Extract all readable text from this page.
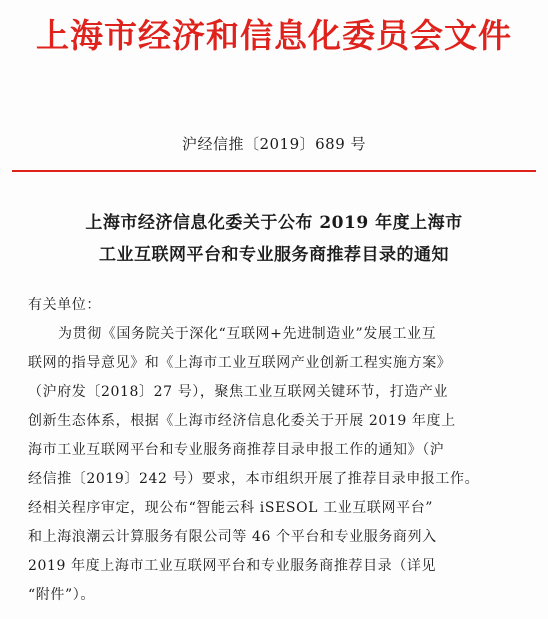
上海市经济和信息化委员会文件
沪经信推〔2019〕689 号
上海市经济信息化委关于公布 2019 年度上海市
工业互联网平台和专业服务商推荐目录的通知
有关单位：
为贯彻《国务院关于深化“互联网+先进制造业”发展工业互
联网的指导意见》和《上海市工业互联网产业创新工程实施方案》
（沪府发〔2018〕27 号），聚焦工业互联网关键环节，打造产业
创新生态体系，根据《上海市经济信息化委关于开展 2019 年度上
海市工业互联网平台和专业服务商推荐目录申报工作的通知》（沪
经信推〔2019〕242 号）要求，本市组织开展了推荐目录申报工作。
经相关程序审定，现公布“智能云科 iSESOL 工业互联网平台”
和上海浪潮云计算服务有限公司等 46 个平台和专业服务商列入
2019 年度上海市工业互联网平台和专业服务商推荐目录（详见
“附件”）。
